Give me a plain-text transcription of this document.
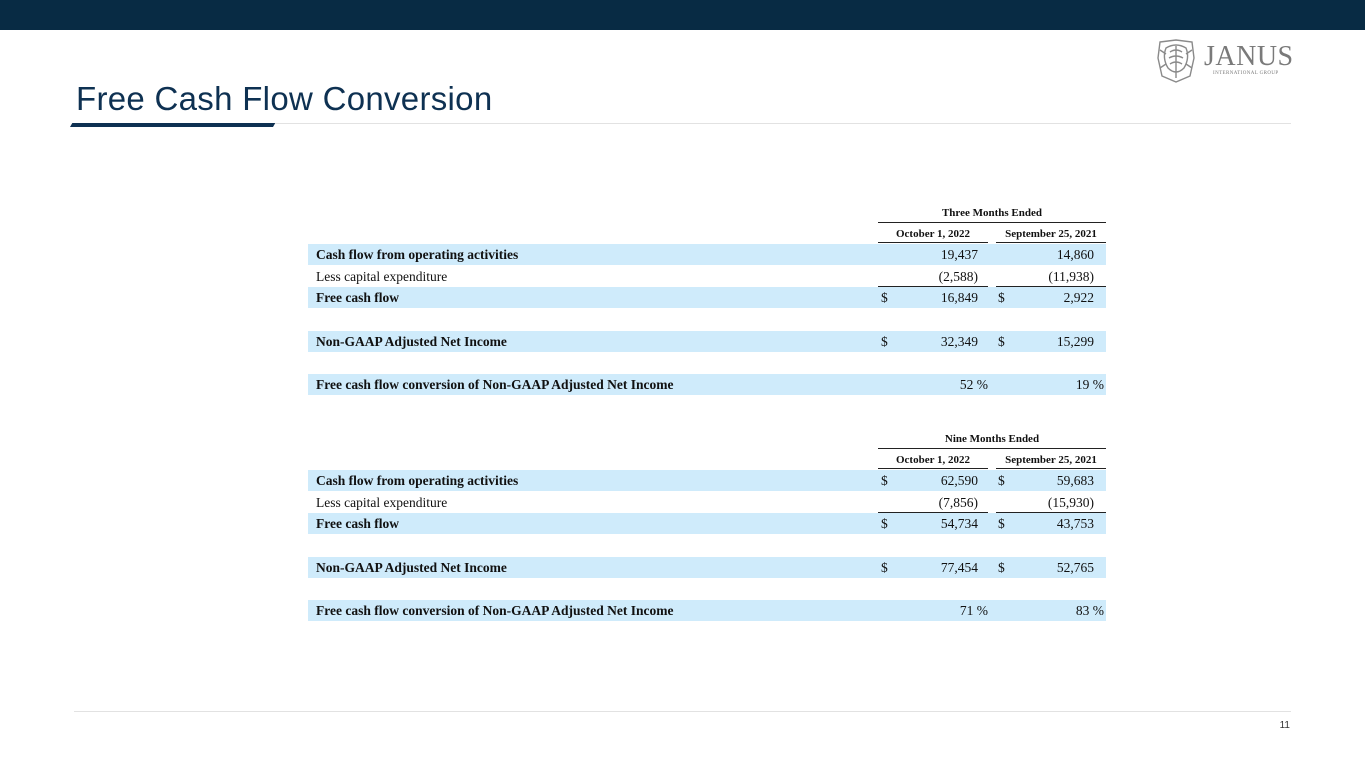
Free Cash Flow Conversion
JANUS
INTERNATIONAL GROUP
Three Months Ended
October 1, 2022	September 25, 2021
Cash flow from operating activities	19,437	14,860
Less capital expenditure	(2,588)	(11,938)
Free cash flow	$	16,849 $	2,922
Non-GAAP Adjusted Net Income	$	32,349 $	15,299
Free cash flow conversion of Non-GAAP Adjusted Net Income	52 %	19 %
Nine Months Ended
October 1, 2022	September 25, 2021
Cash flow from operating activities	$	62,590 $	59,683
Less capital expenditure	(7,856)	(15,930)
Free cash flow	$	54,734 $	43,753
Non-GAAP Adjusted Net Income	$	77,454 $	52,765
Free cash flow conversion of Non-GAAP Adjusted Net Income	71 %	83 %
11
